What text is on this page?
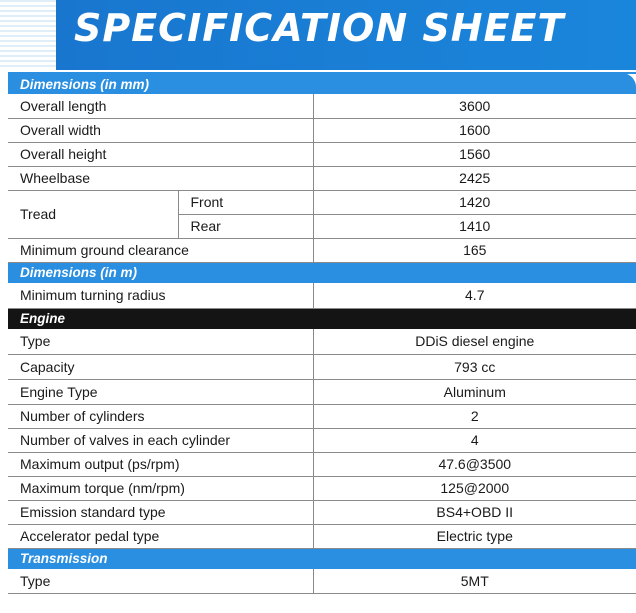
SPECIFICATION SHEET
Dimensions (in mm)		
Overall length		3600
Overall width		1600
Overall height		1560
Wheelbase		2425
Tread	Front	1420
	Rear	1410
Minimum ground clearance		165
Dimensions (in m)		
Minimum turning radius		4.7
Engine		
Type		DDiS diesel engine
Capacity		793 cc
Engine Type		Aluminum
Number of cylinders		2
Number of valves in each cylinder		4
Maximum output (ps/rpm)		47.6@3500
Maximum torque (nm/rpm)		125@2000
Emission standard type		BS4+OBD II
Accelerator pedal type		Electric type
Transmission		
Type		5MT
